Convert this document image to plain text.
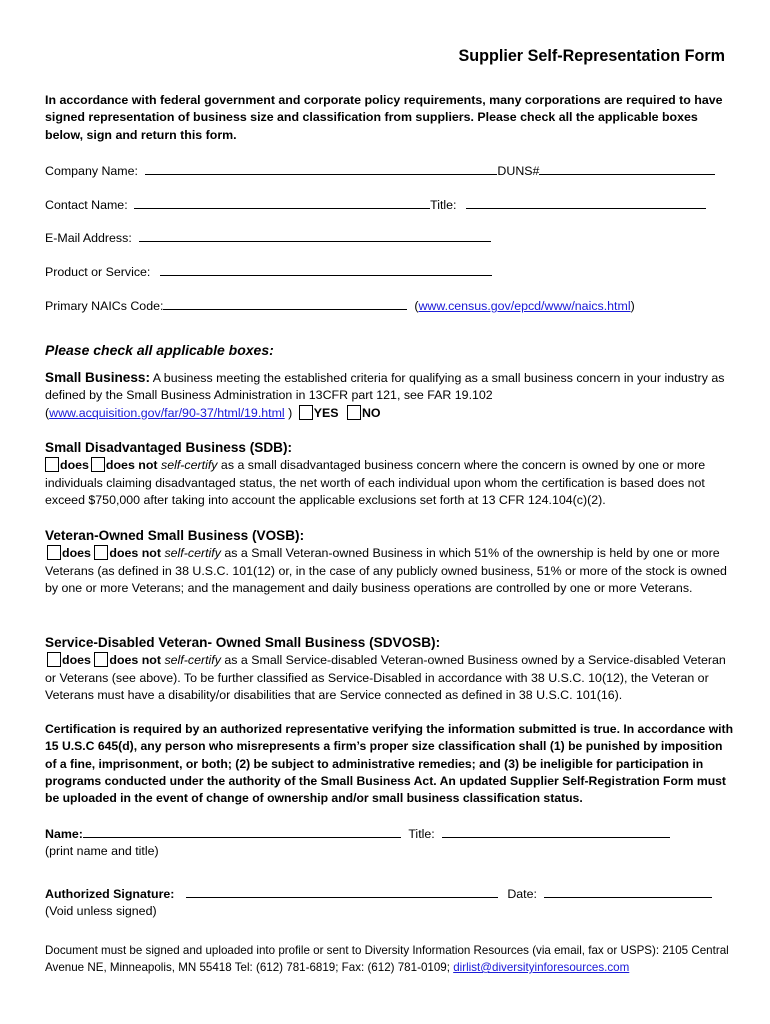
Supplier Self-Representation Form
In accordance with federal government and corporate policy requirements, many corporations are required to have signed representation of business size and classification from suppliers. Please check all the applicable boxes below, sign and return this form.
Company Name:	DUNS#
Contact Name:	Title:
E-Mail Address:
Product or Service:
Primary NAICs Code:	(www.census.gov/epcd/www/naics.html)
Please check all applicable boxes:
Small Business: A business meeting the established criteria for qualifying as a small business concern in your industry as defined by the Small Business Administration in 13CFR part 121, see FAR 19.102
(www.acquisition.gov/far/90-37/html/19.html ) YES NO
Small Disadvantaged Business (SDB):
does does not self-certify as a small disadvantaged business concern where the concern is owned by one or more individuals claiming disadvantaged status, the net worth of each individual upon whom the certification is based does not exceed $750,000 after taking into account the applicable exclusions set forth at 13 CFR 124.104(c)(2).
Veteran-Owned Small Business (VOSB):
does does not self-certify as a Small Veteran-owned Business in which 51% of the ownership is held by one or more Veterans (as defined in 38 U.S.C. 101(12) or, in the case of any publicly owned business, 51% or more of the stock is owned by one or more Veterans; and the management and daily business operations are controlled by one or more Veterans.
Service-Disabled Veteran- Owned Small Business (SDVOSB):
does does not self-certify as a Small Service-disabled Veteran-owned Business owned by a Service-disabled Veteran or Veterans (see above). To be further classified as Service-Disabled in accordance with 38 U.S.C. 10(12), the Veteran or Veterans must have a disability/or disabilities that are Service connected as defined in 38 U.S.C. 101(16).
Certification is required by an authorized representative verifying the information submitted is true. In accordance with 15 U.S.C 645(d), any person who misrepresents a firm’s proper size classification shall (1) be punished by imposition of a fine, imprisonment, or both; (2) be subject to administrative remedies; and (3) be ineligible for participation in programs conducted under the authority of the Small Business Act. An updated Supplier Self-Registration Form must be uploaded in the event of change of ownership and/or small business classification status.
Name:	Title:
(print name and title)
Authorized Signature:	Date:
(Void unless signed)
Document must be signed and uploaded into profile or sent to Diversity Information Resources (via email, fax or USPS): 2105 Central Avenue NE, Minneapolis, MN 55418 Tel: (612) 781-6819; Fax: (612) 781-0109; dirlist@diversityinforesources.com
